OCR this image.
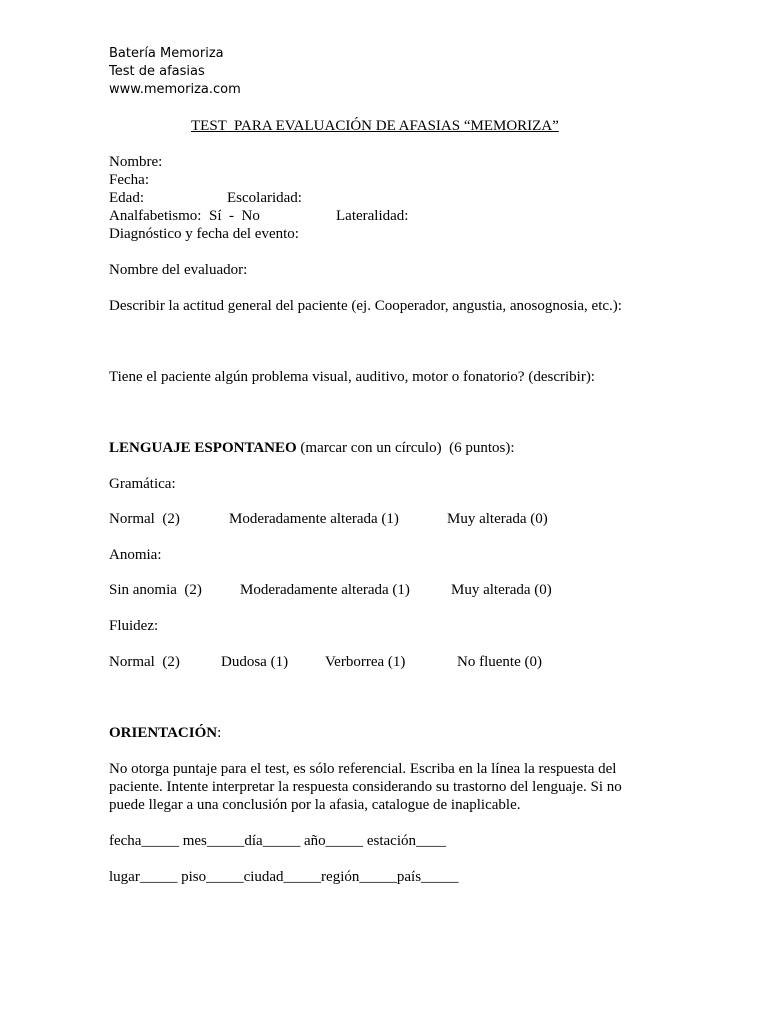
Batería Memoriza
Test de afasias
www.memoriza.com
TEST  PARA EVALUACIÓN DE AFASIAS “MEMORIZA”
Nombre:
Fecha:
Edad:	Escolaridad:
Analfabetismo:  Sí  -  No	Lateralidad:
Diagnóstico y fecha del evento:
Nombre del evaluador:
Describir la actitud general del paciente (ej. Cooperador, angustia, anosognosia, etc.):
Tiene el paciente algún problema visual, auditivo, motor o fonatorio? (describir):
LENGUAJE ESPONTANEO (marcar con un círculo)  (6 puntos):
Gramática:
Normal  (2)	Moderadamente alterada (1)	Muy alterada (0)
Anomia:
Sin anomia  (2)	Moderadamente alterada (1)	Muy alterada (0)
Fluidez:
Normal  (2)	Dudosa (1) Verborrea (1)	No fluente (0)
ORIENTACIÓN:
No otorga puntaje para el test, es sólo referencial. Escriba en la línea la respuesta del
paciente. Intente interpretar la respuesta considerando su trastorno del lenguaje. Si no
puede llegar a una conclusión por la afasia, catalogue de inaplicable.
fecha_____ mes_____día_____ año_____ estación____
lugar_____ piso_____ciudad_____región_____país_____
